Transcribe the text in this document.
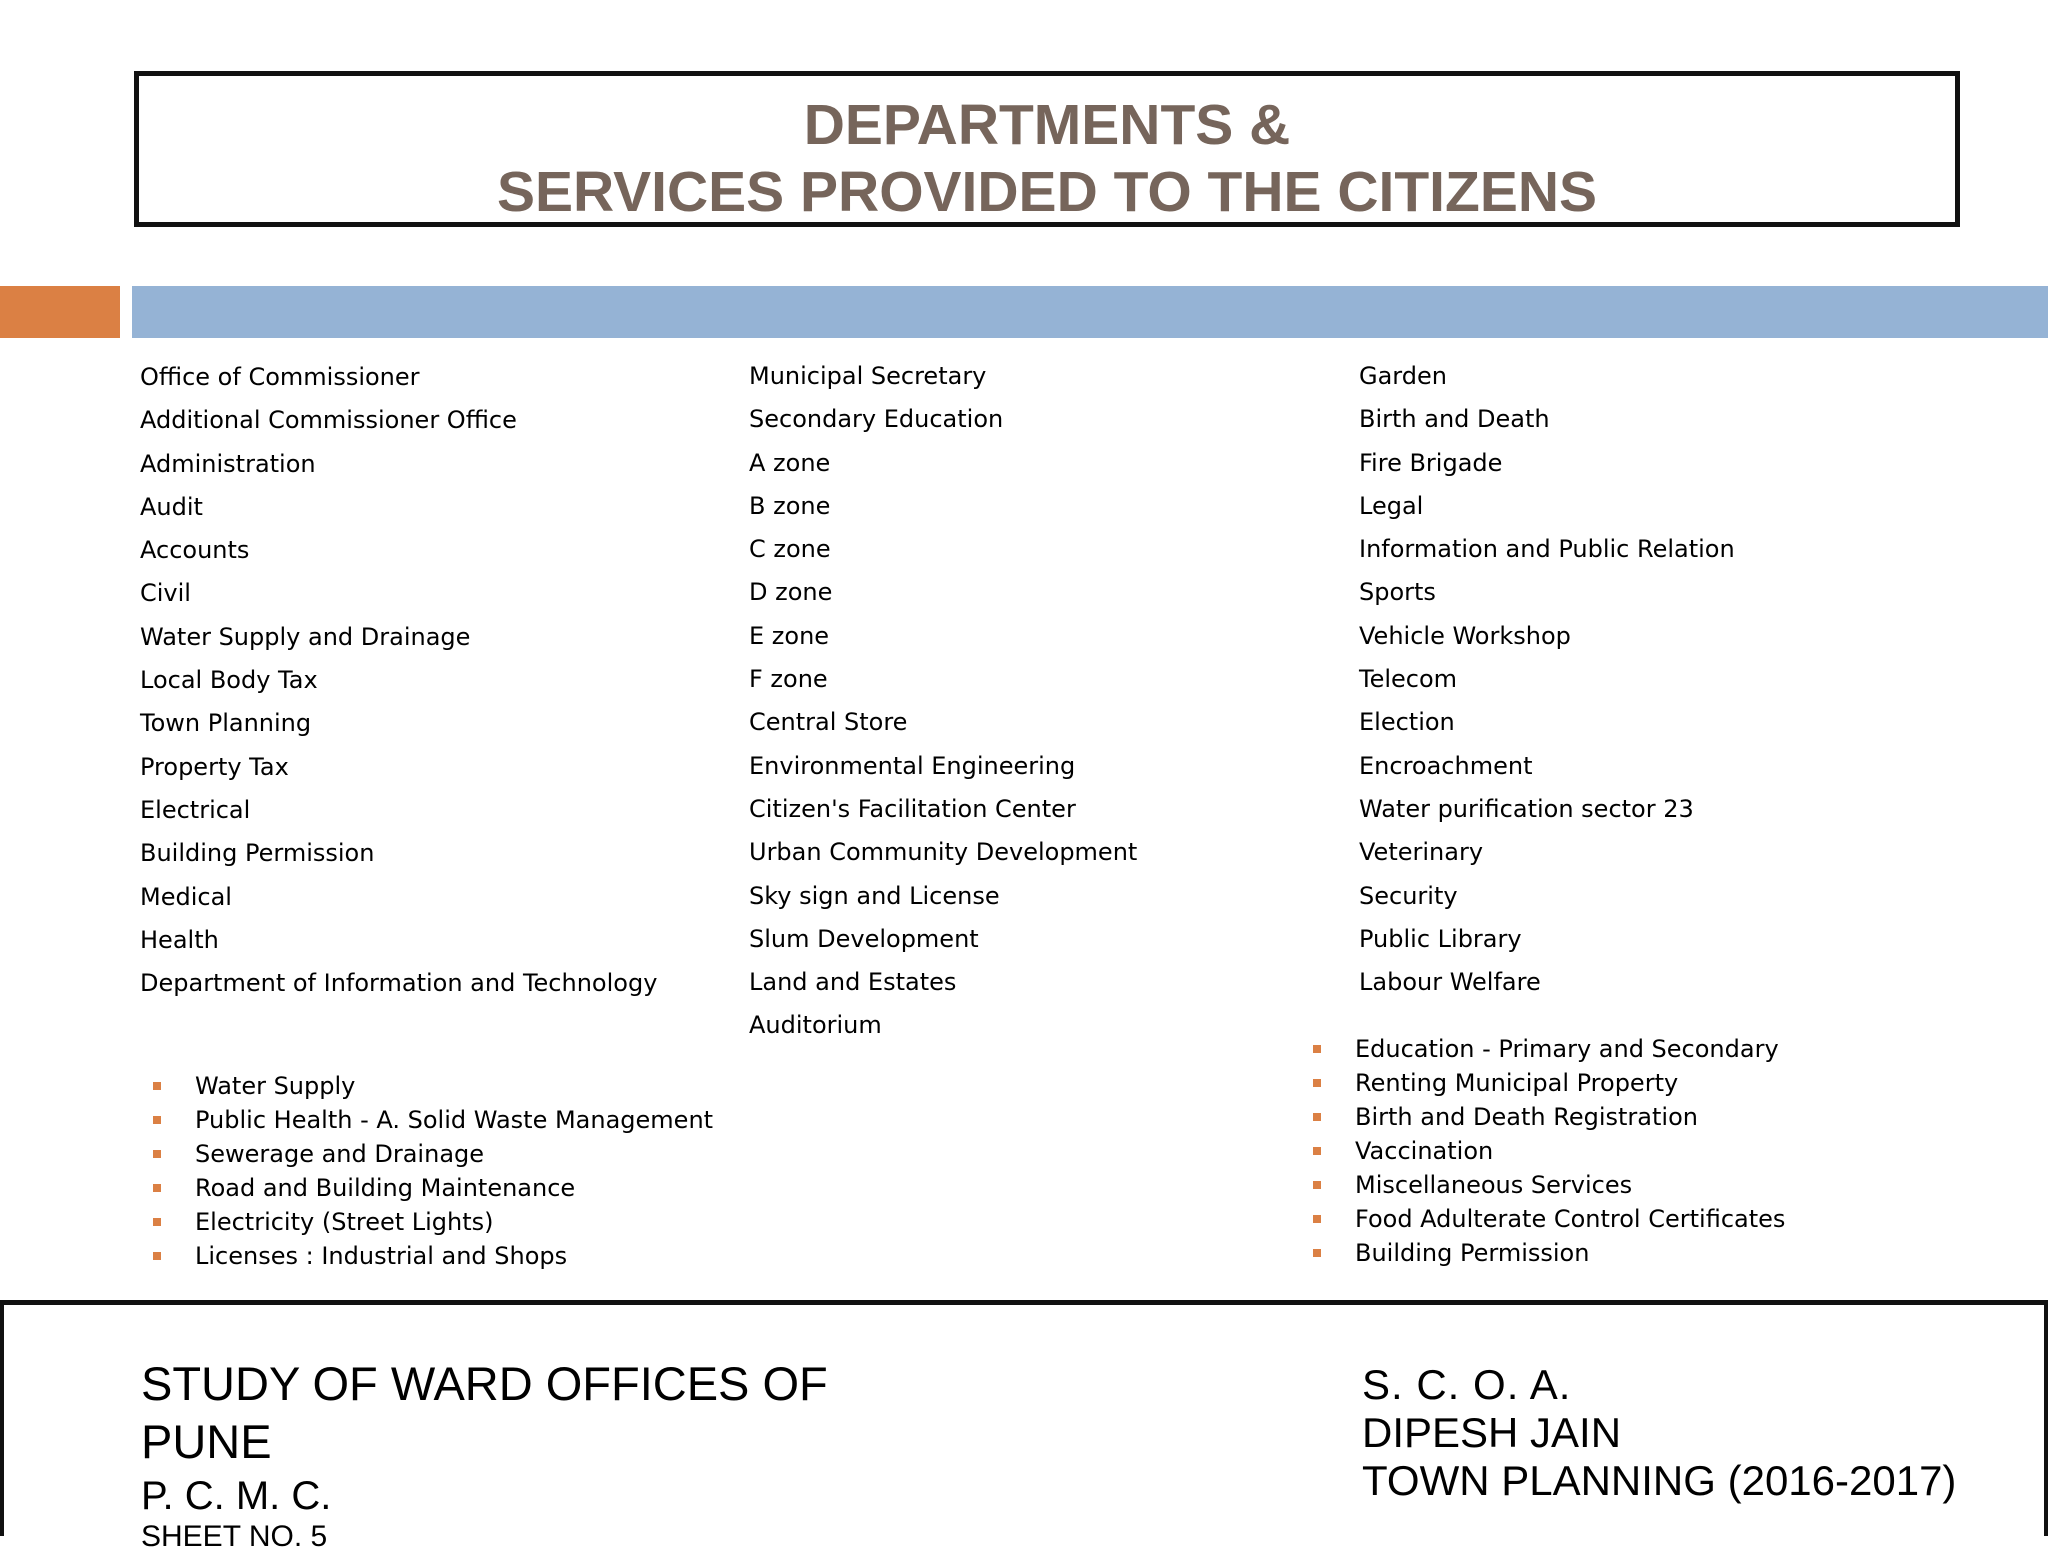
DEPARTMENTS &
SERVICES PROVIDED TO THE CITIZENS
Office of Commissioner
Additional Commissioner Office
Administration
Audit
Accounts
Civil
Water Supply and Drainage
Local Body Tax
Town Planning
Property Tax
Electrical
Building Permission
Medical
Health
Department of Information and Technology
Municipal Secretary
Secondary Education
A zone
B zone
C zone
D zone
E zone
F zone
Central Store
Environmental Engineering
Citizen's Facilitation Center
Urban Community Development
Sky sign and License
Slum Development
Land and Estates
Auditorium
Garden
Birth and Death
Fire Brigade
Legal
Information and Public Relation
Sports
Vehicle Workshop
Telecom
Election
Encroachment
Water purification sector 23
Veterinary
Security
Public Library
Labour Welfare
Water Supply
Public Health - A. Solid Waste Management
Sewerage and Drainage
Road and Building Maintenance
Electricity (Street Lights)
Licenses : Industrial and Shops
Education - Primary and Secondary
Renting Municipal Property
Birth and Death Registration
Vaccination
Miscellaneous Services
Food Adulterate Control Certificates
Building Permission
STUDY OF WARD OFFICES OF
PUNE
P. C. M. C.
SHEET NO. 5
S. C. O. A.
DIPESH JAIN
TOWN PLANNING (2016-2017)
